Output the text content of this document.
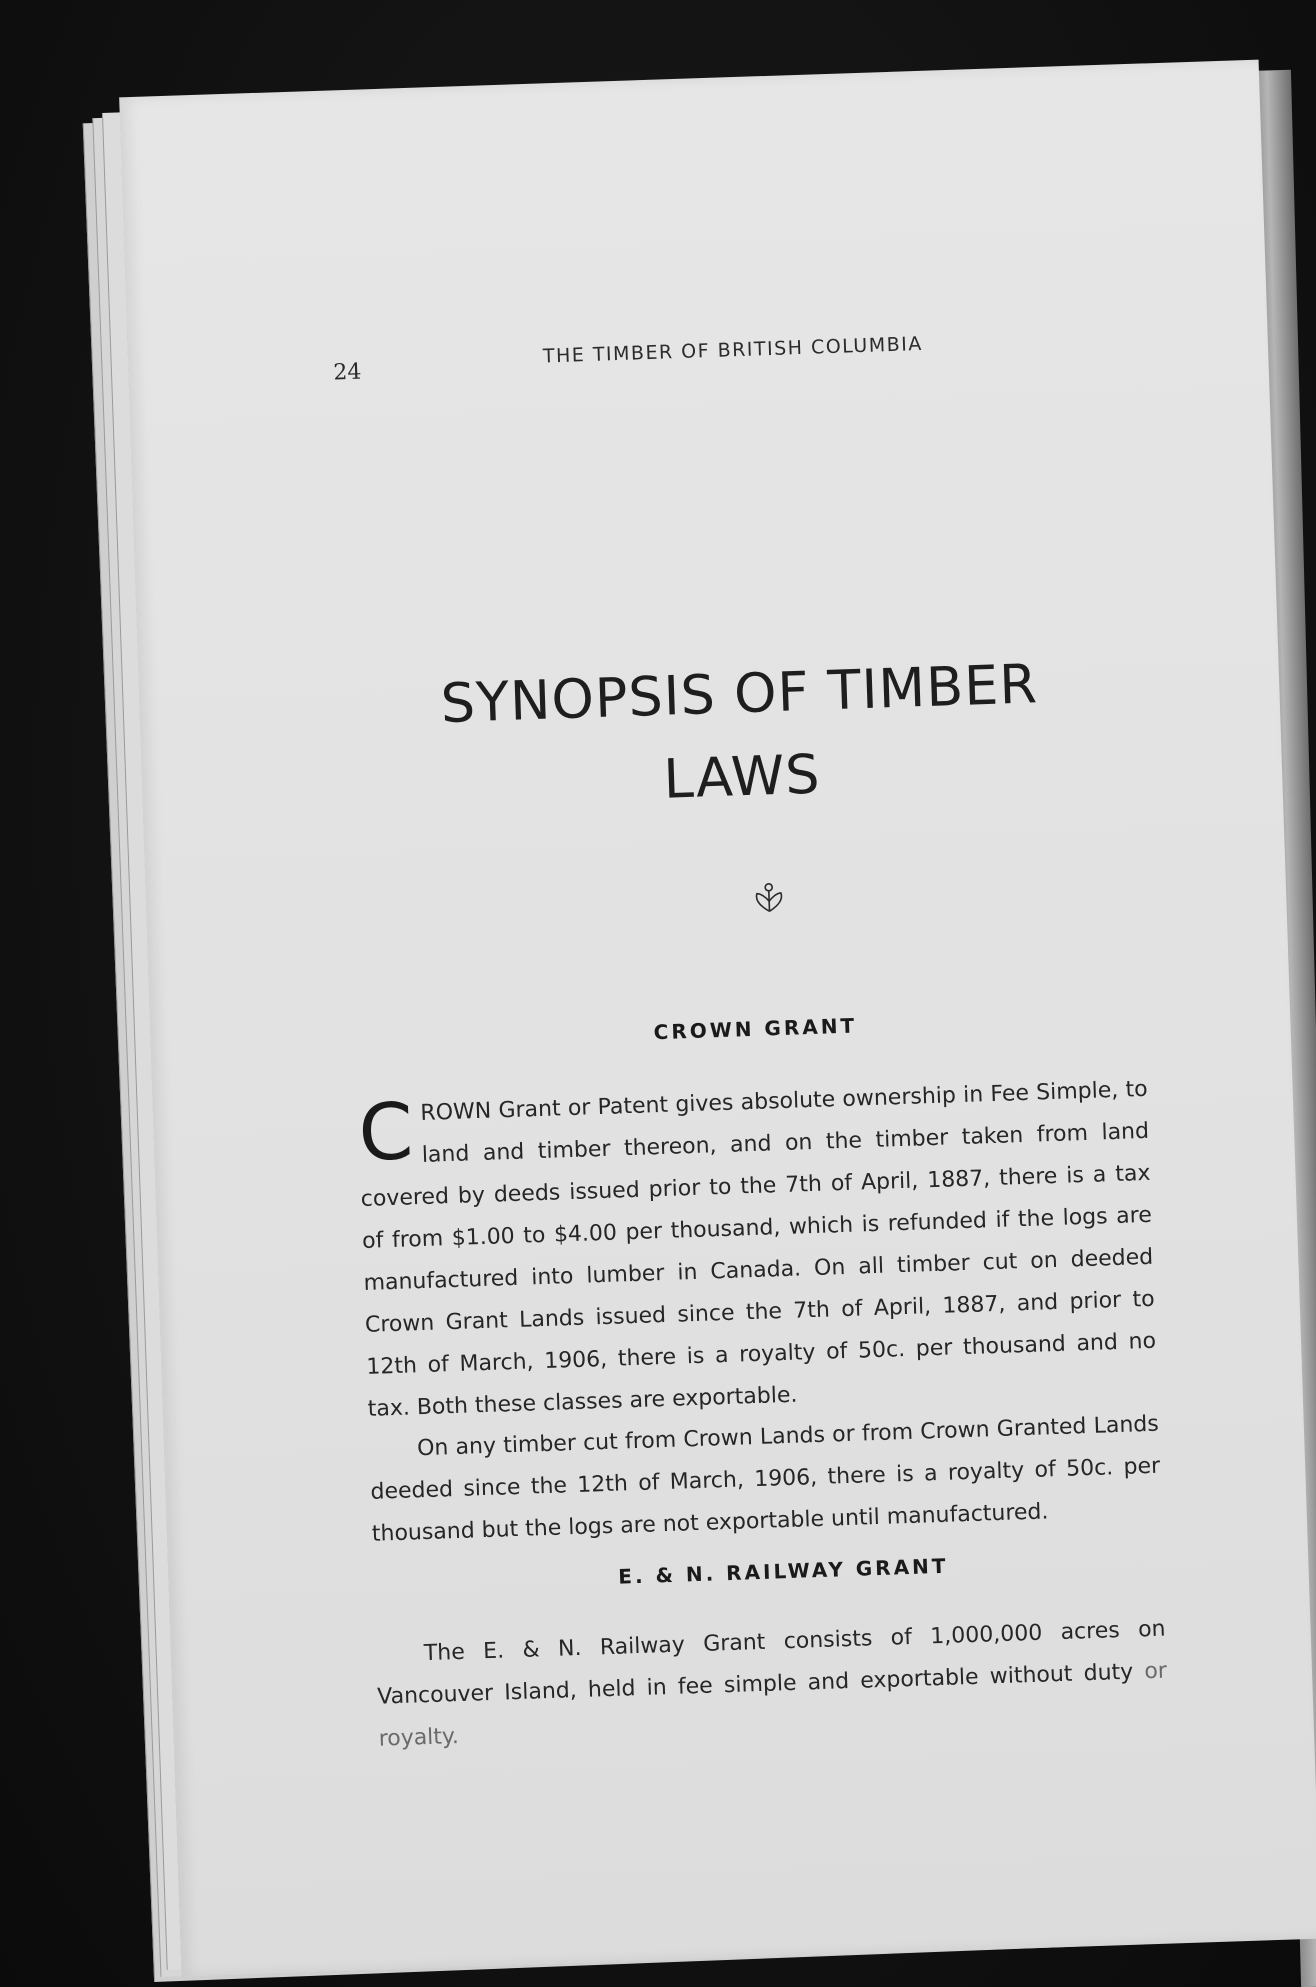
24
THE TIMBER OF BRITISH COLUMBIA
SYNOPSIS OF TIMBER
LAWS
CROWN GRANT
C ROWN Grant or Patent gives absolute ownership in Fee Simple, to land and timber thereon, and on the timber taken from land covered by deeds issued prior to the 7th of April, 1887, there is a tax of from $1.00 to $4.00 per thousand, which is refunded if the logs are manufactured into lumber in Canada. On all timber cut on deeded Crown Grant Lands issued since the 7th of April, 1887, and prior to 12th of March, 1906, there is a royalty of 50c. per thousand and no tax. Both these classes are exportable.
On any timber cut from Crown Lands or from Crown Granted Lands deeded since the 12th of March, 1906, there is a royalty of 50c. per thousand but the logs are not exportable until manufactured.
E. & N. RAILWAY GRANT
The E. & N. Railway Grant consists of 1,000,000 acres on Vancouver Island, held in fee simple and exportable without duty or royalty.
